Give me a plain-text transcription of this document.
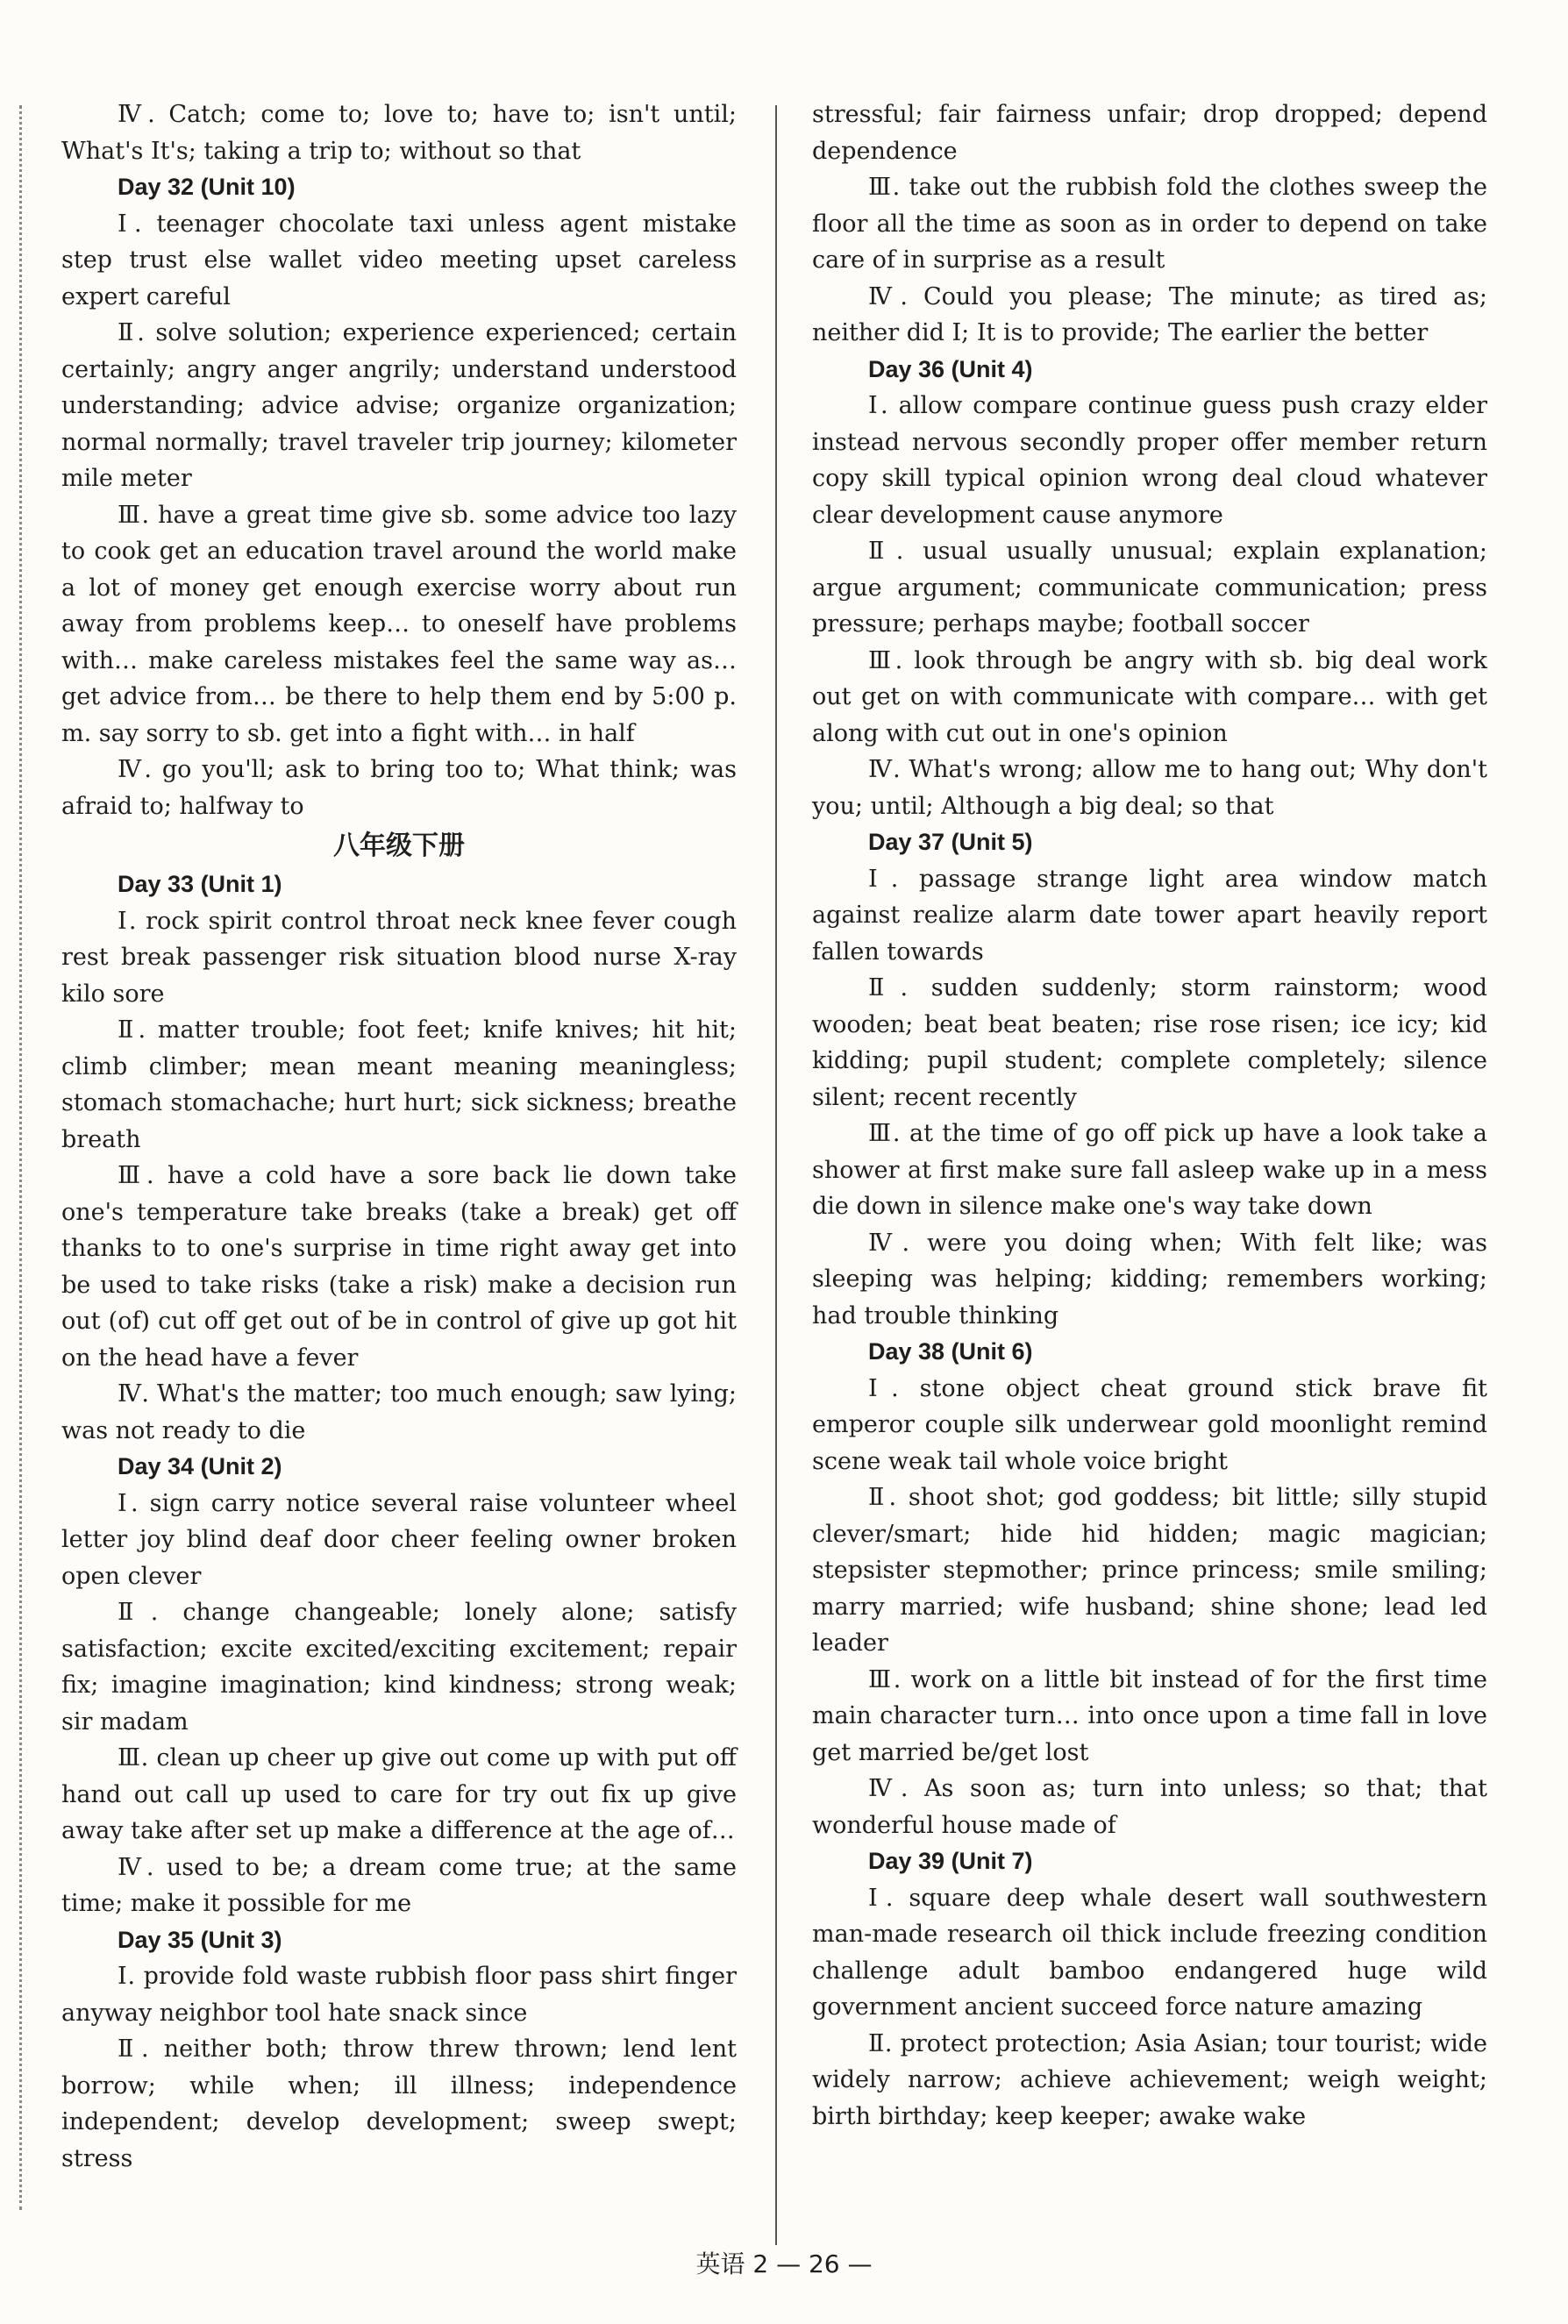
Ⅳ. Catch; come to; love to; have to; isn't until; What's It's; taking a trip to; without so that
Day 32 (Unit 10)
Ⅰ. teenager chocolate taxi unless agent mistake step trust else wallet video meeting upset careless expert careful
Ⅱ. solve solution; experience experienced; certain certainly; angry anger angrily; understand understood understanding; advice advise; organize organization; normal normally; travel traveler trip journey; kilometer mile meter
Ⅲ. have a great time give sb. some advice too lazy to cook get an education travel around the world make a lot of money get enough exercise worry about run away from problems keep… to oneself have problems with… make careless mistakes feel the same way as… get advice from… be there to help them end by 5:00 p. m. say sorry to sb. get into a fight with… in half
Ⅳ. go you'll; ask to bring too to; What think; was afraid to; halfway to
八年级下册
Day 33 (Unit 1)
Ⅰ. rock spirit control throat neck knee fever cough rest break passenger risk situation blood nurse X-ray kilo sore
Ⅱ. matter trouble; foot feet; knife knives; hit hit; climb climber; mean meant meaning meaningless; stomach stomachache; hurt hurt; sick sickness; breathe breath
Ⅲ. have a cold have a sore back lie down take one's temperature take breaks (take a break) get off thanks to to one's surprise in time right away get into be used to take risks (take a risk) make a decision run out (of) cut off get out of be in control of give up got hit on the head have a fever
Ⅳ. What's the matter; too much enough; saw lying; was not ready to die
Day 34 (Unit 2)
Ⅰ. sign carry notice several raise volunteer wheel letter joy blind deaf door cheer feeling owner broken open clever
Ⅱ. change changeable; lonely alone; satisfy satisfaction; excite excited/exciting excitement; repair fix; imagine imagination; kind kindness; strong weak; sir madam
Ⅲ. clean up cheer up give out come up with put off hand out call up used to care for try out fix up give away take after set up make a difference at the age of…
Ⅳ. used to be; a dream come true; at the same time; make it possible for me
Day 35 (Unit 3)
Ⅰ. provide fold waste rubbish floor pass shirt finger anyway neighbor tool hate snack since
Ⅱ. neither both; throw threw thrown; lend lent borrow; while when; ill illness; independence independent; develop development; sweep swept; stress
stressful; fair fairness unfair; drop dropped; depend dependence
Ⅲ. take out the rubbish fold the clothes sweep the floor all the time as soon as in order to depend on take care of in surprise as a result
Ⅳ. Could you please; The minute; as tired as; neither did I; It is to provide; The earlier the better
Day 36 (Unit 4)
Ⅰ. allow compare continue guess push crazy elder instead nervous secondly proper offer member return copy skill typical opinion wrong deal cloud whatever clear development cause anymore
Ⅱ. usual usually unusual; explain explanation; argue argument; communicate communication; press pressure; perhaps maybe; football soccer
Ⅲ. look through be angry with sb. big deal work out get on with communicate with compare… with get along with cut out in one's opinion
Ⅳ. What's wrong; allow me to hang out; Why don't you; until; Although a big deal; so that
Day 37 (Unit 5)
Ⅰ. passage strange light area window match against realize alarm date tower apart heavily report fallen towards
Ⅱ. sudden suddenly; storm rainstorm; wood wooden; beat beat beaten; rise rose risen; ice icy; kid kidding; pupil student; complete completely; silence silent; recent recently
Ⅲ. at the time of go off pick up have a look take a shower at first make sure fall asleep wake up in a mess die down in silence make one's way take down
Ⅳ. were you doing when; With felt like; was sleeping was helping; kidding; remembers working; had trouble thinking
Day 38 (Unit 6)
Ⅰ. stone object cheat ground stick brave fit emperor couple silk underwear gold moonlight remind scene weak tail whole voice bright
Ⅱ. shoot shot; god goddess; bit little; silly stupid clever/smart; hide hid hidden; magic magician; stepsister stepmother; prince princess; smile smiling; marry married; wife husband; shine shone; lead led leader
Ⅲ. work on a little bit instead of for the first time main character turn… into once upon a time fall in love get married be/get lost
Ⅳ. As soon as; turn into unless; so that; that wonderful house made of
Day 39 (Unit 7)
Ⅰ. square deep whale desert wall southwestern man-made research oil thick include freezing condition challenge adult bamboo endangered huge wild government ancient succeed force nature amazing
Ⅱ. protect protection; Asia Asian; tour tourist; wide widely narrow; achieve achievement; weigh weight; birth birthday; keep keeper; awake wake
英语 2 — 26 —
